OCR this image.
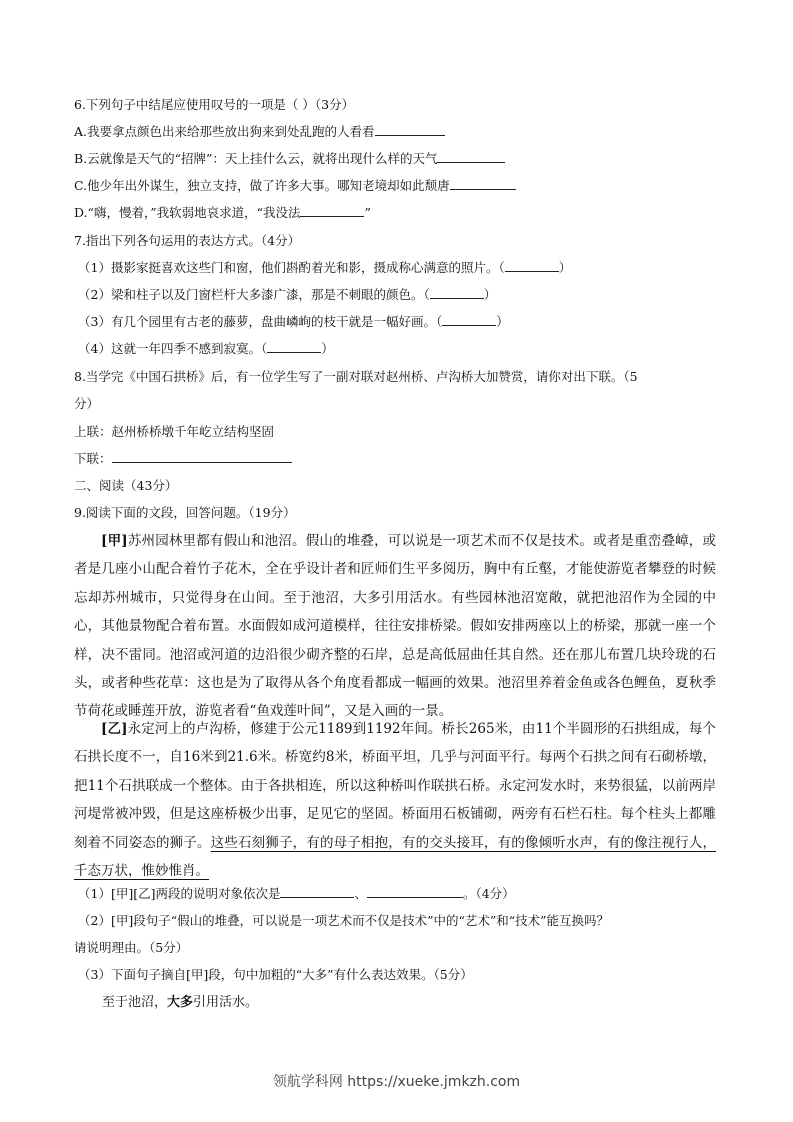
6.下列句子中结尾应使用叹号的一项是（ ）（3分）
A.我要拿点颜色出来给那些放出狗来到处乱跑的人看看
B.云就像是天气的“招牌”：天上挂什么云，就将出现什么样的天气
C.他少年出外谋生，独立支持，做了许多大事。哪知老境却如此颓唐
D.“嗨，慢着，”我软弱地哀求道，“我没法	”
7.指出下列各句运用的表达方式。（4分）
（1）摄影家挺喜欢这些门和窗，他们斟酌着光和影，摄成称心满意的照片。（	）
（2）梁和柱子以及门窗栏杆大多漆广漆，那是不刺眼的颜色。（	）
（3）有几个园里有古老的藤萝，盘曲嶙峋的枝干就是一幅好画。（	）
（4）这就一年四季不感到寂寞。（	）
8.当学完《中国石拱桥》后，有一位学生写了一副对联对赵州桥、卢沟桥大加赞赏，请你对出下联。（5
分）
上联：赵州桥桥墩千年屹立结构坚固
下联：
二、阅读（43分）
9.阅读下面的文段，回答问题。（19分）
[甲]苏州园林里都有假山和池沼。假山的堆叠，可以说是一项艺术而不仅是技术。或者是重峦叠嶂，或者是几座小山配合着竹子花木，全在乎设计者和匠师们生平多阅历，胸中有丘壑，才能使游览者攀登的时候忘却苏州城市，只觉得身在山间。至于池沼，大多引用活水。有些园林池沼宽敞，就把池沼作为全园的中心，其他景物配合着布置。水面假如成河道模样，往往安排桥梁。假如安排两座以上的桥梁，那就一座一个样，决不雷同。池沼或河道的边沿很少砌齐整的石岸，总是高低屈曲任其自然。还在那儿布置几块玲珑的石头，或者种些花草：这也是为了取得从各个角度看都成一幅画的效果。池沼里养着金鱼或各色鲤鱼，夏秋季节荷花或睡莲开放，游览者看“鱼戏莲叶间”，又是入画的一景。
[乙]永定河上的卢沟桥，修建于公元1189到1192年间。桥长265米，由11个半圆形的石拱组成，每个石拱长度不一，自16米到21.6米。桥宽约8米，桥面平坦，几乎与河面平行。每两个石拱之间有石砌桥墩，把11个石拱联成一个整体。由于各拱相连，所以这种桥叫作联拱石桥。永定河发水时，来势很猛，以前两岸河堤常被冲毁，但是这座桥极少出事，足见它的坚固。桥面用石板铺砌，两旁有石栏石柱。每个柱头上都雕刻着不同姿态的狮子。这些石刻狮子，有的母子相抱，有的交头接耳，有的像倾听水声，有的像注视行人，千态万状，惟妙惟肖。
（1）[甲][乙]两段的说明对象依次是	、	。（4分）
（2）[甲]段句子“假山的堆叠，可以说是一项艺术而不仅是技术”中的“艺术”和“技术”能互换吗？
请说明理由。（5分）
（3）下面句子摘自[甲]段，句中加粗的“大多”有什么表达效果。（5分）
至于池沼，大多引用活水。
领航学科网 https://xueke.jmkzh.com
